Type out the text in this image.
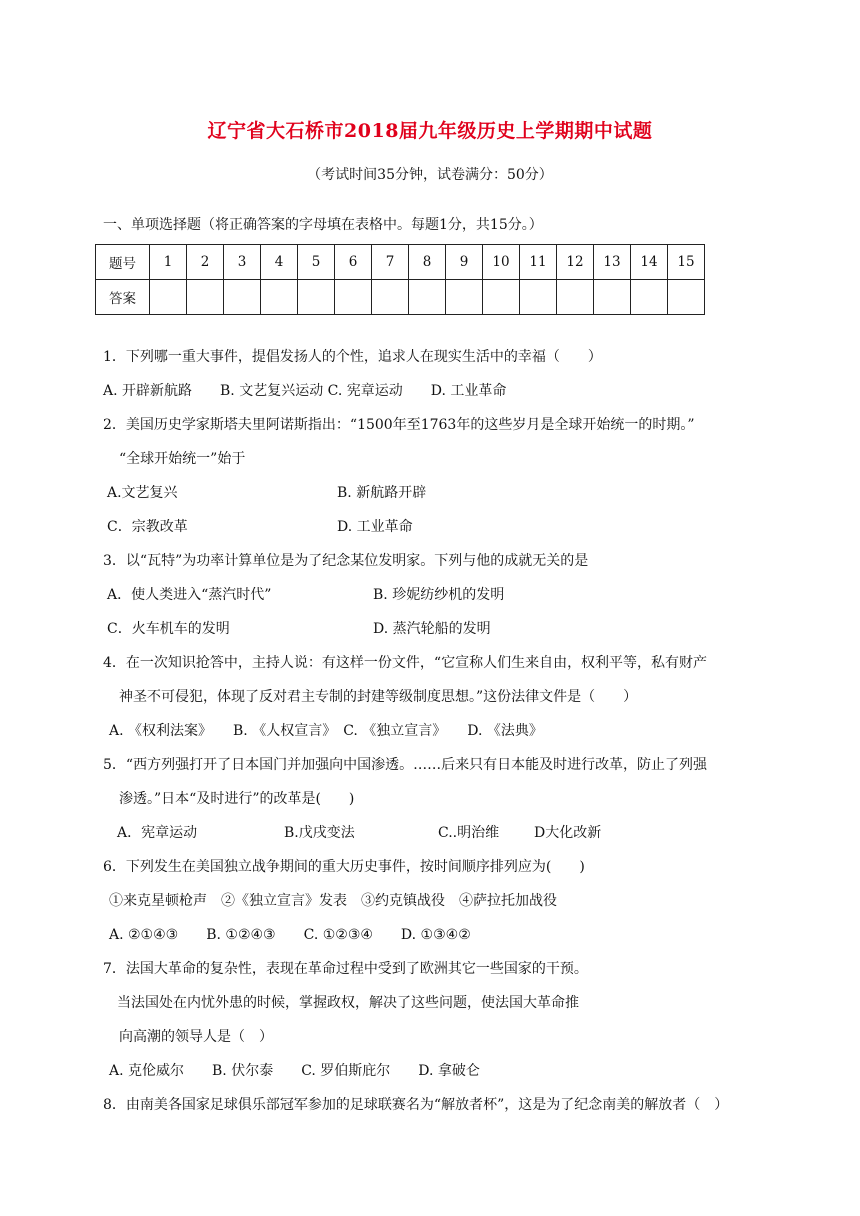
辽宁省大石桥市2018届九年级历史上学期期中试题
（考试时间35分钟，试卷满分：50分）
一、单项选择题（将正确答案的字母填在表格中。每题1分，共15分。）
题号	1	2	3	4	5	6	7	8	9	10	11	12	13	14	15
答案															
1．下列哪一重大事件，提倡发扬人的个性，追求人在现实生活中的幸福（　　）
A. 开辟新航路　　B. 文艺复兴运动 C. 宪章运动　　D. 工业革命
2．美国历史学家斯塔夫里阿诺斯指出：“1500年至1763年的这些岁月是全球开始统一的时期。”
“全球开始统一”始于
A.文艺复兴	B. 新航路开辟
C．宗教改革	D. 工业革命
3．以“瓦特”为功率计算单位是为了纪念某位发明家。下列与他的成就无关的是
A．使人类进入“蒸汽时代”	B. 珍妮纺纱机的发明
C．火车机车的发明	D. 蒸汽轮船的发明
4．在一次知识抢答中，主持人说：有这样一份文件，“它宣称人们生来自由，权利平等，私有财产
神圣不可侵犯，体现了反对君主专制的封建等级制度思想。”这份法律文件是（　　）
A. 《权利法案》　　B. 《人权宣言》　C. 《独立宣言》　　D. 《法典》
5．“西方列强打开了日本国门并加强向中国渗透。……后来只有日本能及时进行改革，防止了列强
渗透。”日本“及时进行”的改革是(　　)
A．宪章运动	B.戊戌变法	C..明治维 D大化改新
6．下列发生在美国独立战争期间的重大历史事件，按时间顺序排列应为(　　)
①来克星顿枪声　②《独立宣言》发表　③约克镇战役　④萨拉托加战役
A. ②①④③　　B. ①②④③　　C. ①②③④　　D. ①③④②
7．法国大革命的复杂性，表现在革命过程中受到了欧洲其它一些国家的干预。
当法国处在内忧外患的时候，掌握政权，解决了这些问题，使法国大革命推
向高潮的领导人是（　）
A. 克伦威尔　　B. 伏尔泰　　C. 罗伯斯庇尔　　D. 拿破仑
8．由南美各国家足球俱乐部冠军参加的足球联赛名为“解放者杯”，这是为了纪念南美的解放者（　）
